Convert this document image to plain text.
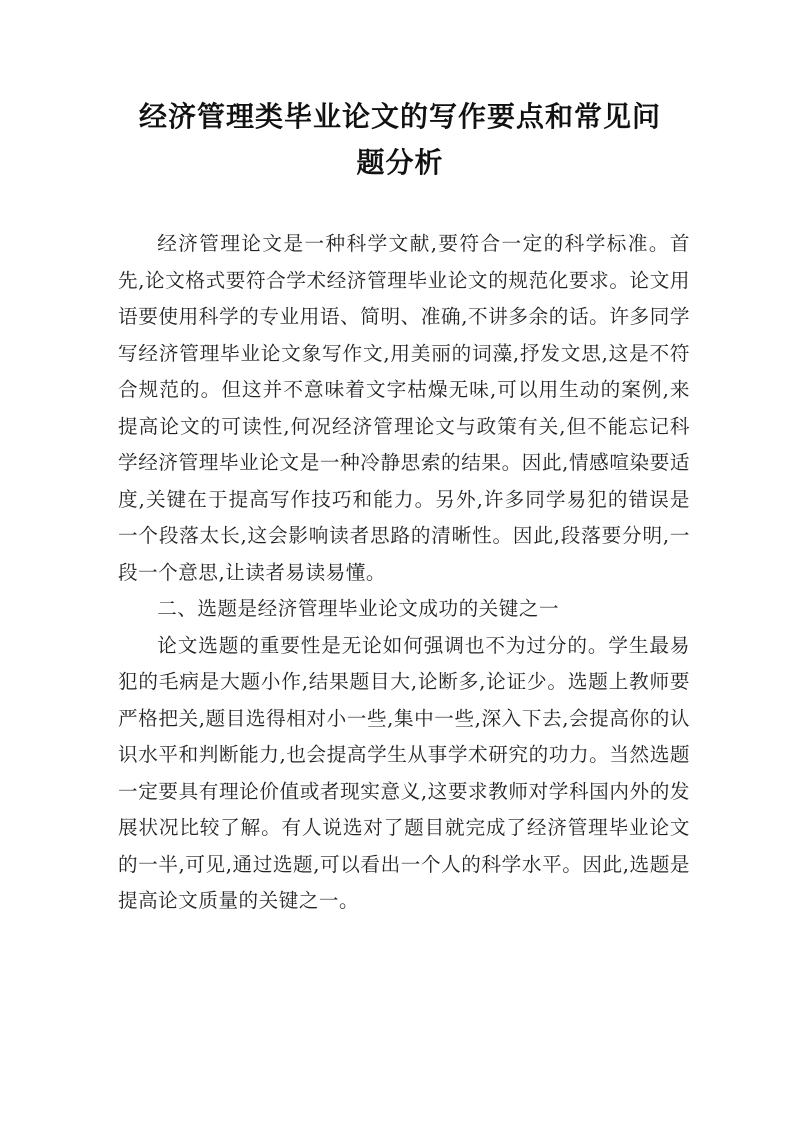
经济管理类毕业论文的写作要点和常见问
题分析

经济管理论文是一种科学文献,要符合一定的科学标准。首先,论文格式要符合学术经济管理毕业论文的规范化要求。论文用语要使用科学的专业用语、简明、准确,不讲多余的话。许多同学写经济管理毕业论文象写作文,用美丽的词藻,抒发文思,这是不符合规范的。但这并不意味着文字枯燥无味,可以用生动的案例,来提高论文的可读性,何况经济管理论文与政策有关,但不能忘记科学经济管理毕业论文是一种冷静思索的结果。因此,情感喧染要适度,关键在于提高写作技巧和能力。另外,许多同学易犯的错误是一个段落太长,这会影响读者思路的清晰性。因此,段落要分明,一段一个意思,让读者易读易懂。

二、选题是经济管理毕业论文成功的关键之一

论文选题的重要性是无论如何强调也不为过分的。学生最易犯的毛病是大题小作,结果题目大,论断多,论证少。选题上教师要严格把关,题目选得相对小一些,集中一些,深入下去,会提高你的认识水平和判断能力,也会提高学生从事学术研究的功力。当然选题一定要具有理论价值或者现实意义,这要求教师对学科国内外的发展状况比较了解。有人说选对了题目就完成了经济管理毕业论文的一半,可见,通过选题,可以看出一个人的科学水平。因此,选题是提高论文质量的关键之一。
